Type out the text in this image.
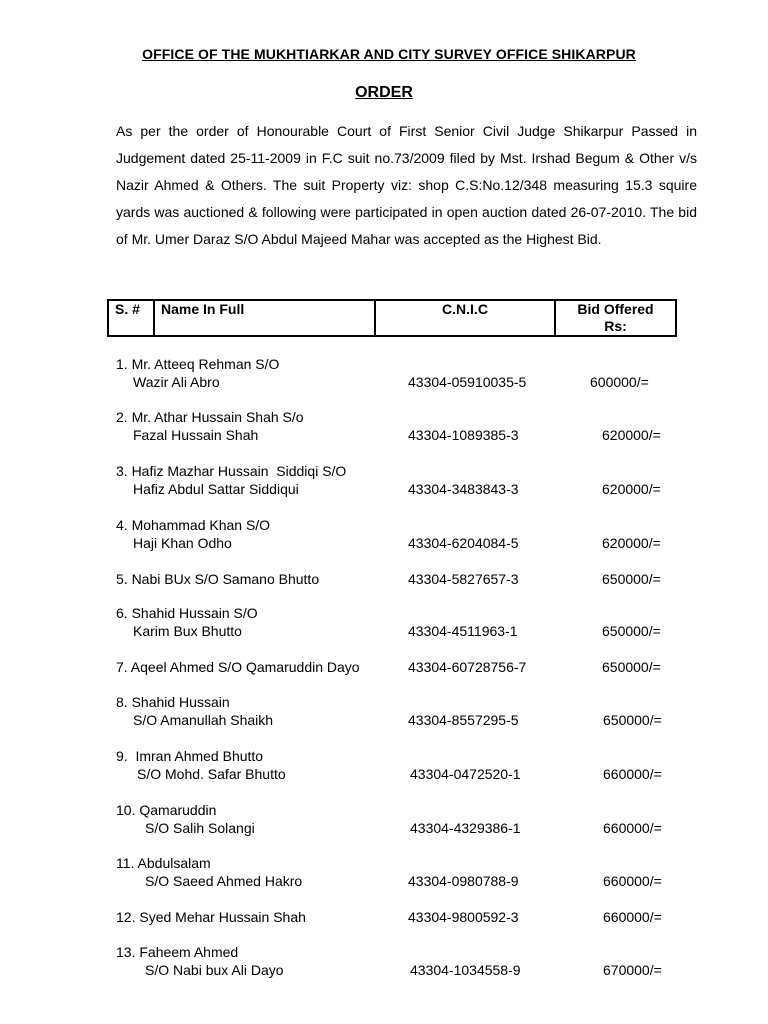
OFFICE OF THE MUKHTIARKAR AND CITY SURVEY OFFICE SHIKARPUR
ORDER

As per the order of Honourable Court of First Senior Civil Judge Shikarpur Passed in Judgement dated 25-11-2009 in F.C suit no.73/2009 filed by Mst. Irshad Begum & Other v/s Nazir Ahmed & Others. The suit Property viz: shop C.S:No.12/348 measuring 15.3 squire yards was auctioned & following were participated in open auction dated 26-07-2010. The bid of Mr. Umer Daraz S/O Abdul Majeed Mahar was accepted as the Highest Bid.

S. #	Name In Full	C.N.I.C	Bid Offered
Rs:
1. Mr. Atteeq Rehman S/O
Wazir Ali Abro	43304-05910035-5	600000/=
2. Mr. Athar Hussain Shah S/o
Fazal Hussain Shah	43304-1089385-3	620000/=
3. Hafiz Mazhar Hussain  Siddiqi S/O
Hafiz Abdul Sattar Siddiqui	43304-3483843-3	620000/=
4. Mohammad Khan S/O
Haji Khan Odho	43304-6204084-5	620000/=
5. Nabi BUx S/O Samano Bhutto	43304-5827657-3	650000/=
6. Shahid Hussain S/O
Karim Bux Bhutto	43304-4511963-1	650000/=
7. Aqeel Ahmed S/O Qamaruddin Dayo	43304-60728756-7	650000/=
8. Shahid Hussain
S/O Amanullah Shaikh	43304-8557295-5	650000/=
9.  Imran Ahmed Bhutto
S/O Mohd. Safar Bhutto	43304-0472520-1	660000/=
10. Qamaruddin
S/O Salih Solangi	43304-4329386-1	660000/=
11. Abdulsalam
S/O Saeed Ahmed Hakro	43304-0980788-9	660000/=
12. Syed Mehar Hussain Shah	43304-9800592-3	660000/=
13. Faheem Ahmed
S/O Nabi bux Ali Dayo	43304-1034558-9	670000/=
